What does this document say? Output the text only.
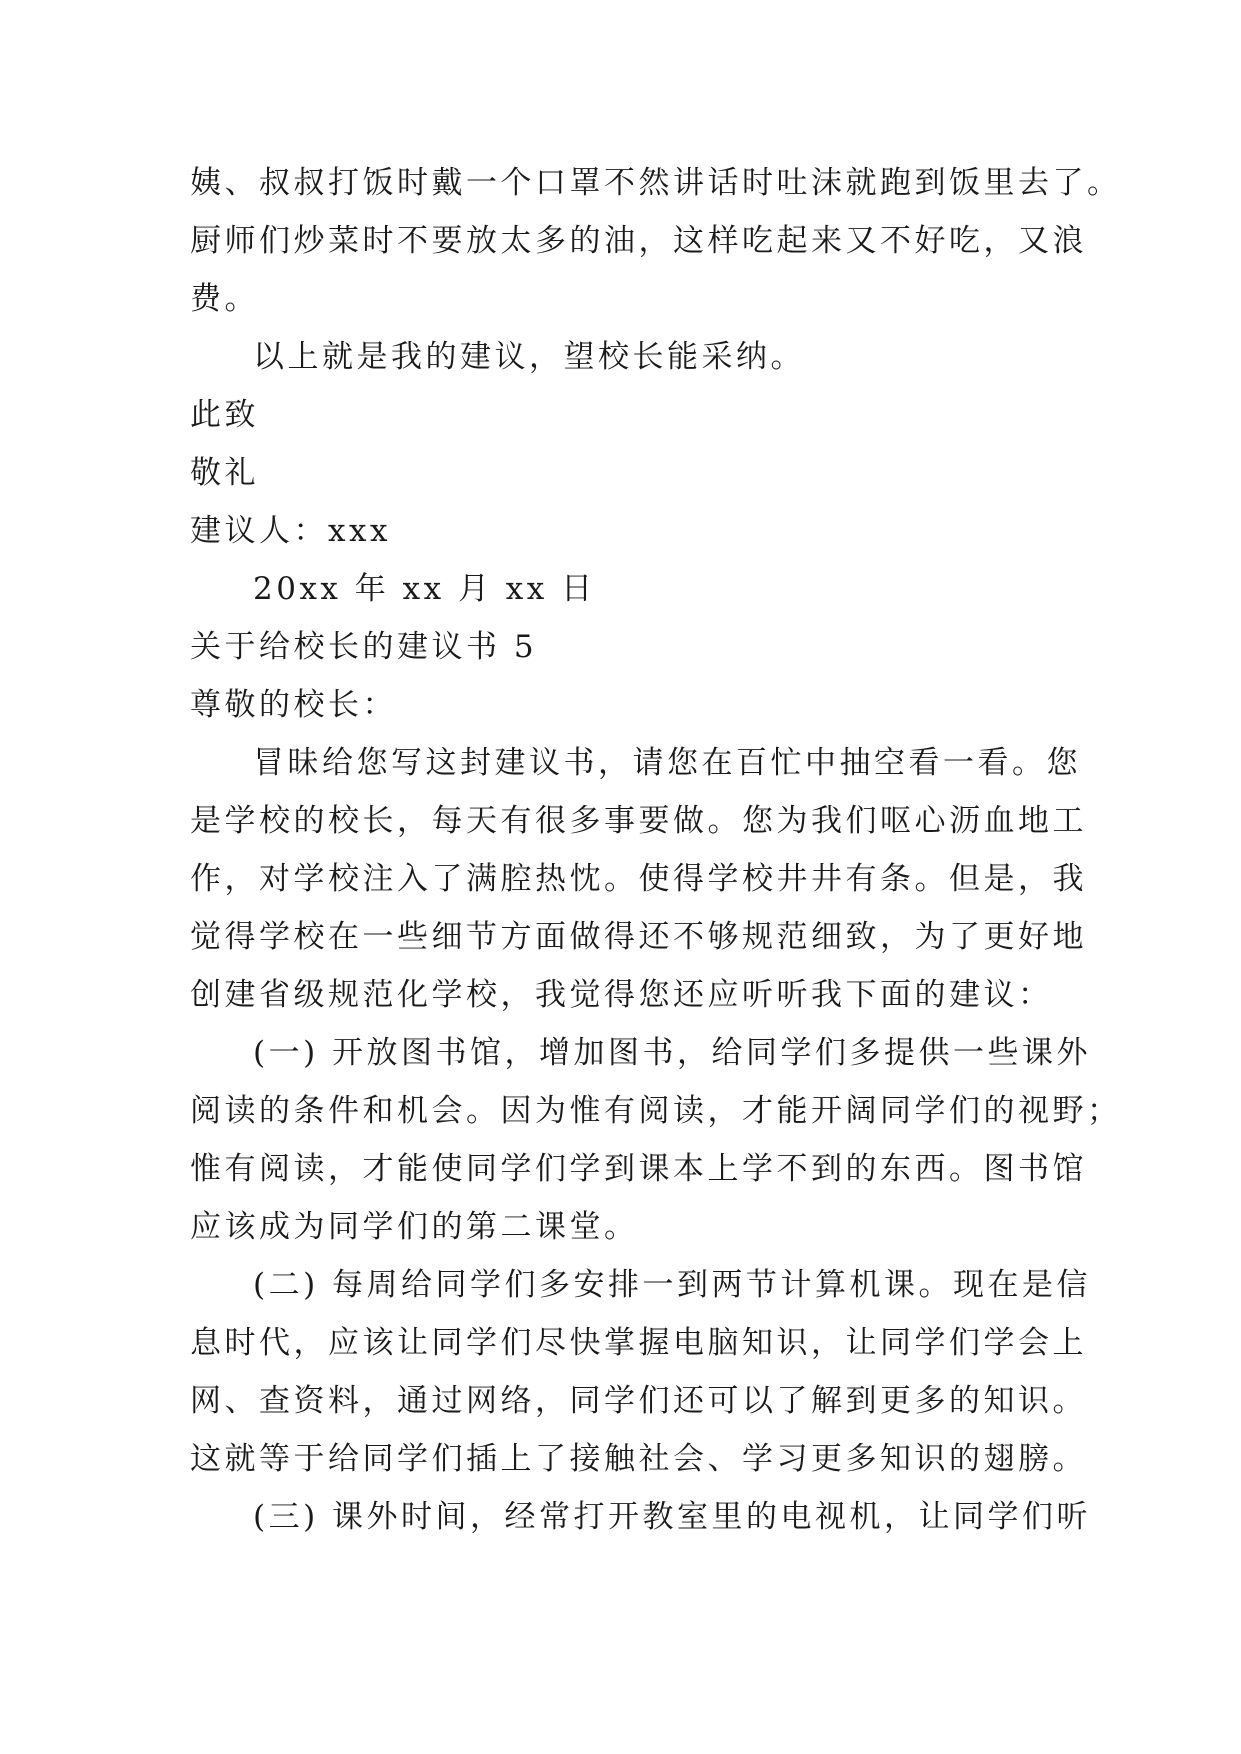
姨、叔叔打饭时戴一个口罩不然讲话时吐沫就跑到饭里去了。
厨师们炒菜时不要放太多的油，这样吃起来又不好吃，又浪
费。
以上就是我的建议，望校长能采纳。
此致
敬礼
建议人：xxx
20xx 年 xx 月 xx 日
关于给校长的建议书 5
尊敬的校长：
冒昧给您写这封建议书，请您在百忙中抽空看一看。您
是学校的校长，每天有很多事要做。您为我们呕心沥血地工
作，对学校注入了满腔热忱。使得学校井井有条。但是，我
觉得学校在一些细节方面做得还不够规范细致，为了更好地
创建省级规范化学校，我觉得您还应听听我下面的建议：
(一) 开放图书馆，增加图书，给同学们多提供一些课外
阅读的条件和机会。因为惟有阅读，才能开阔同学们的视野；
惟有阅读，才能使同学们学到课本上学不到的东西。图书馆
应该成为同学们的第二课堂。
(二) 每周给同学们多安排一到两节计算机课。现在是信
息时代，应该让同学们尽快掌握电脑知识，让同学们学会上
网、查资料，通过网络，同学们还可以了解到更多的知识。
这就等于给同学们插上了接触社会、学习更多知识的翅膀。
(三) 课外时间，经常打开教室里的电视机，让同学们听
